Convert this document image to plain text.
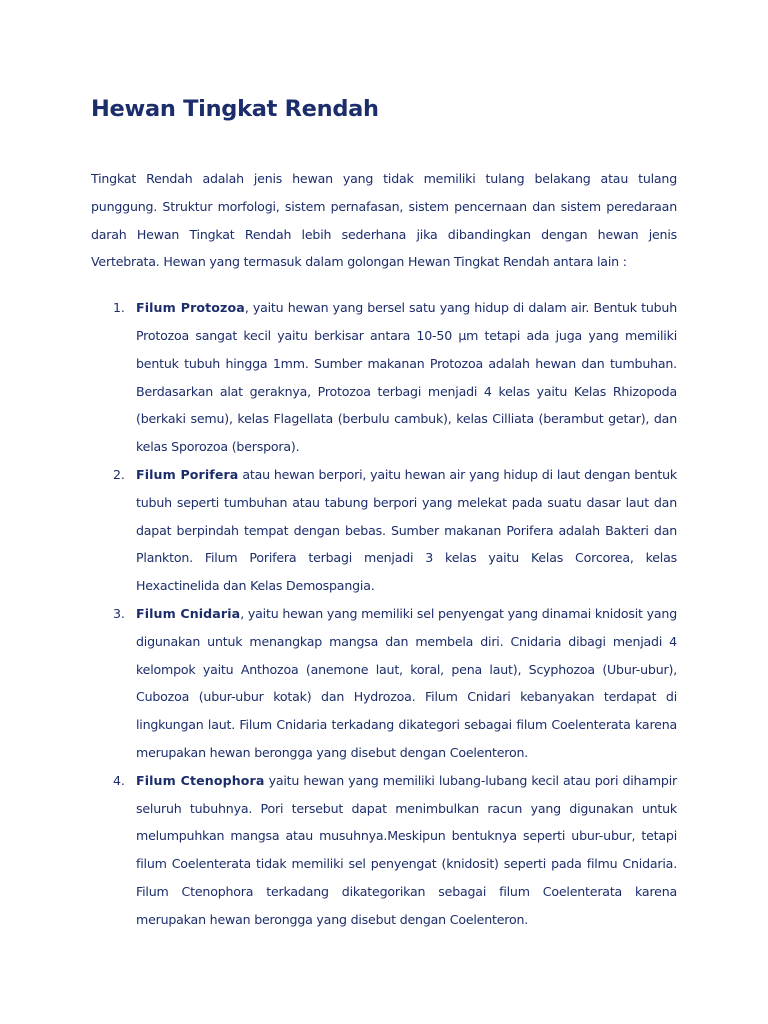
Hewan Tingkat Rendah

Tingkat Rendah adalah jenis hewan yang tidak memiliki tulang belakang atau tulang punggung. Struktur morfologi, sistem pernafasan, sistem pencernaan dan sistem peredaraan darah Hewan Tingkat Rendah lebih sederhana jika dibandingkan dengan hewan jenis Vertebrata. Hewan yang termasuk dalam golongan Hewan Tingkat Rendah antara lain :

1. Filum Protozoa, yaitu hewan yang bersel satu yang hidup di dalam air. Bentuk tubuh Protozoa sangat kecil yaitu berkisar antara 10-50 µm tetapi ada juga yang memiliki bentuk tubuh hingga 1mm. Sumber makanan Protozoa adalah hewan dan tumbuhan. Berdasarkan alat geraknya, Protozoa terbagi menjadi 4 kelas yaitu Kelas Rhizopoda (berkaki semu), kelas Flagellata (berbulu cambuk), kelas Cilliata (berambut getar), dan kelas Sporozoa (berspora).
2. Filum Porifera atau hewan berpori, yaitu hewan air yang hidup di laut dengan bentuk tubuh seperti tumbuhan atau tabung berpori yang melekat pada suatu dasar laut dan dapat berpindah tempat dengan bebas. Sumber makanan Porifera adalah Bakteri dan Plankton. Filum Porifera terbagi menjadi 3 kelas yaitu Kelas Corcorea, kelas Hexactinelida dan Kelas Demospangia.
3. Filum Cnidaria, yaitu hewan yang memiliki sel penyengat yang dinamai knidosit yang digunakan untuk menangkap mangsa dan membela diri. Cnidaria dibagi menjadi 4 kelompok yaitu Anthozoa (anemone laut, koral, pena laut), Scyphozoa (Ubur-ubur), Cubozoa (ubur-ubur kotak) dan Hydrozoa. Filum Cnidari kebanyakan terdapat di lingkungan laut. Filum Cnidaria terkadang dikategori sebagai filum Coelenterata karena merupakan hewan berongga yang disebut dengan Coelenteron.
4. Filum Ctenophora yaitu hewan yang memiliki lubang-lubang kecil atau pori dihampir seluruh tubuhnya. Pori tersebut dapat menimbulkan racun yang digunakan untuk melumpuhkan mangsa atau musuhnya.Meskipun bentuknya seperti ubur-ubur, tetapi filum Coelenterata tidak memiliki sel penyengat (knidosit) seperti pada filmu Cnidaria. Filum Ctenophora terkadang dikategorikan sebagai filum Coelenterata karena merupakan hewan berongga yang disebut dengan Coelenteron.
